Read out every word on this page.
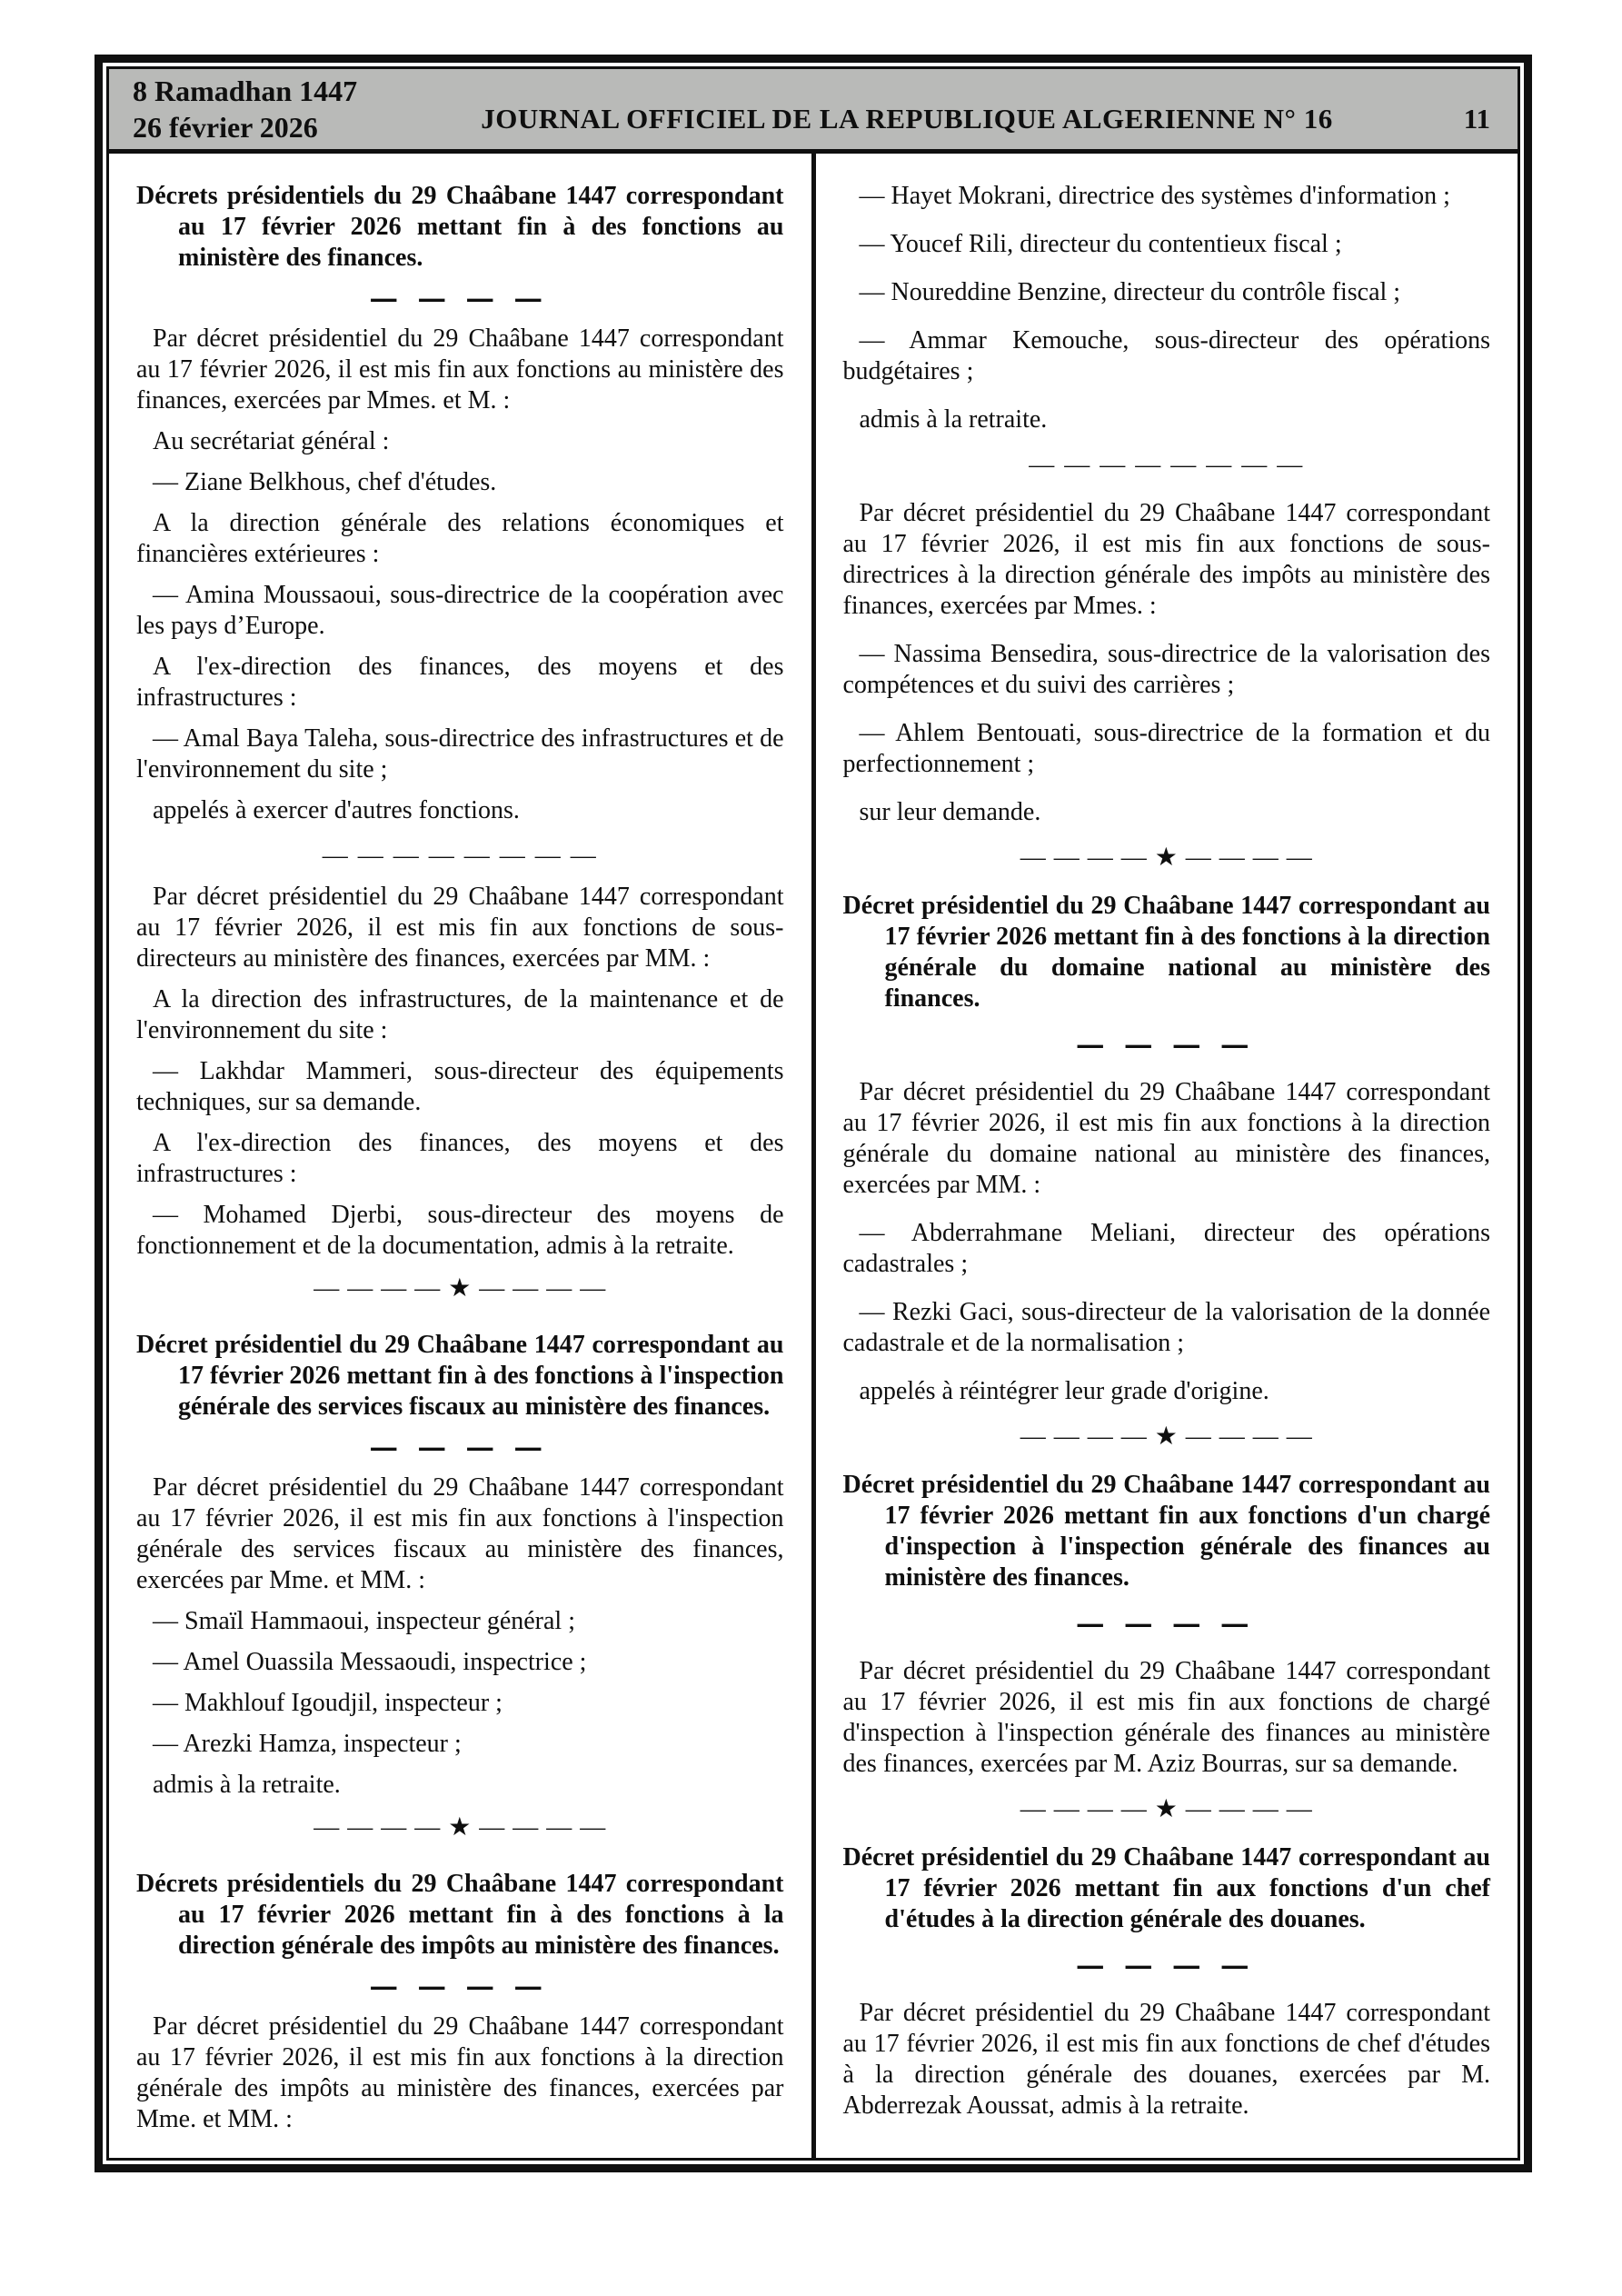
8 Ramadhan 1447
26 février 2026	JOURNAL OFFICIEL DE LA REPUBLIQUE ALGERIENNE N° 16	11

Décrets présidentiels du 29 Chaâbane 1447 correspondant au 17 février 2026 mettant fin à des fonctions au ministère des finances.

— — — —

Par décret présidentiel du 29 Chaâbane 1447 correspondant au 17 février 2026, il est mis fin aux fonctions au ministère des finances, exercées par Mmes. et M. :

Au secrétariat général :

— Ziane Belkhous, chef d'études.

A la direction générale des relations économiques et financières extérieures :

— Amina Moussaoui, sous-directrice de la coopération avec les pays d’Europe.

A l'ex-direction des finances, des moyens et des infrastructures :

— Amal Baya Taleha, sous-directrice des infrastructures et de l'environnement du site ;

appelés à exercer d'autres fonctions.

— — — — — — — —

Par décret présidentiel du 29 Chaâbane 1447 correspondant au 17 février 2026, il est mis fin aux fonctions de sous-directeurs au ministère des finances, exercées par MM. :

A la direction des infrastructures, de la maintenance et de l'environnement du site :

— Lakhdar Mammeri, sous-directeur des équipements techniques, sur sa demande.

A l'ex-direction des finances, des moyens et des infrastructures :

— Mohamed Djerbi, sous-directeur des moyens de fonctionnement et de la documentation, admis à la retraite.

— — — — ★ — — — —

Décret présidentiel du 29 Chaâbane 1447 correspondant au 17 février 2026 mettant fin à des fonctions à l'inspection générale des services fiscaux au ministère des finances.

— — — —

Par décret présidentiel du 29 Chaâbane 1447 correspondant au 17 février 2026, il est mis fin aux fonctions à l'inspection générale des services fiscaux au ministère des finances, exercées par Mme. et MM. :

— Smaïl Hammaoui, inspecteur général ;

— Amel Ouassila Messaoudi, inspectrice ;

— Makhlouf Igoudjil, inspecteur ;

— Arezki Hamza, inspecteur ;

admis à la retraite.

— — — — ★ — — — —

Décrets présidentiels du 29 Chaâbane 1447 correspondant au 17 février 2026 mettant fin à des fonctions à la direction générale des impôts au ministère des finances.

— — — —

Par décret présidentiel du 29 Chaâbane 1447 correspondant au 17 février 2026, il est mis fin aux fonctions à la direction générale des impôts au ministère des finances, exercées par Mme. et MM. :

— Hayet Mokrani, directrice des systèmes d'information ;

— Youcef Rili, directeur du contentieux fiscal ;

— Noureddine Benzine, directeur du contrôle fiscal ;

— Ammar Kemouche, sous-directeur des opérations budgétaires ;

admis à la retraite.

— — — — — — — —

Par décret présidentiel du 29 Chaâbane 1447 correspondant au 17 février 2026, il est mis fin aux fonctions de sous-directrices à la direction générale des impôts au ministère des finances, exercées par Mmes. :

— Nassima Bensedira, sous-directrice de la valorisation des compétences et du suivi des carrières ;

— Ahlem Bentouati, sous-directrice de la formation et du perfectionnement ;

sur leur demande.

— — — — ★ — — — —

Décret présidentiel du 29 Chaâbane 1447 correspondant au 17 février 2026 mettant fin à des fonctions à la direction générale du domaine national au ministère des finances.

— — — —

Par décret présidentiel du 29 Chaâbane 1447 correspondant au 17 février 2026, il est mis fin aux fonctions à la direction générale du domaine national au ministère des finances, exercées par MM. :

— Abderrahmane Meliani, directeur des opérations cadastrales ;

— Rezki Gaci, sous-directeur de la valorisation de la donnée cadastrale et de la normalisation ;

appelés à réintégrer leur grade d'origine.

— — — — ★ — — — —

Décret présidentiel du 29 Chaâbane 1447 correspondant au 17 février 2026 mettant fin aux fonctions d'un chargé d'inspection à l'inspection générale des finances au ministère des finances.

— — — —

Par décret présidentiel du 29 Chaâbane 1447 correspondant au 17 février 2026, il est mis fin aux fonctions de chargé d'inspection à l'inspection générale des finances au ministère des finances, exercées par M. Aziz Bourras, sur sa demande.

— — — — ★ — — — —

Décret présidentiel du 29 Chaâbane 1447 correspondant au 17 février 2026 mettant fin aux fonctions d'un chef d'études à la direction générale des douanes.

— — — —

Par décret présidentiel du 29 Chaâbane 1447 correspondant au 17 février 2026, il est mis fin aux fonctions de chef d'études à la direction générale des douanes, exercées par M. Abderrezak Aoussat, admis à la retraite.
